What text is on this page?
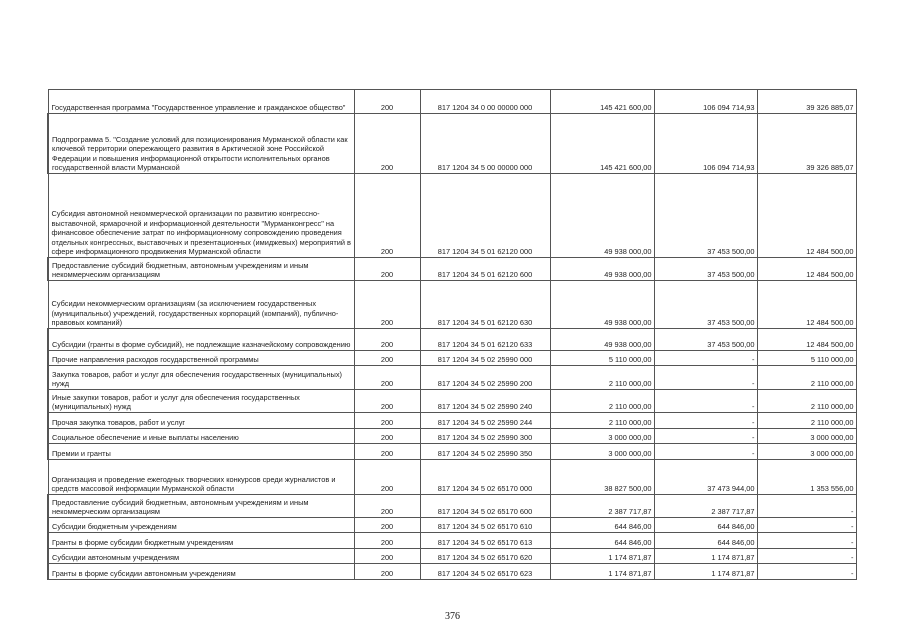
Государственная программа "Государственное управление и гражданское общество"	200	817 1204 34 0 00 00000 000	145 421 600,00	106 094 714,93	39 326 885,07
Подпрограмма 5. "Создание условий для позиционирования Мурманской области как ключевой территории опережающего развития в Арктической зоне Российской Федерации и повышения информационной открытости исполнительных органов государственной власти Мурманской	200	817 1204 34 5 00 00000 000	145 421 600,00	106 094 714,93	39 326 885,07
Субсидия автономной некоммерческой организации по развитию конгрессно-выставочной, ярмарочной и информационной деятельности "Мурманконгресс" на финансовое обеспечение затрат по информационному сопровождению проведения отдельных конгрессных, выставочных и презентационных (имиджевых) мероприятий в сфере информационного продвижения Мурманской области	200	817 1204 34 5 01 62120 000	49 938 000,00	37 453 500,00	12 484 500,00
Предоставление субсидий бюджетным, автономным учреждениям и иным некоммерческим организациям	200	817 1204 34 5 01 62120 600	49 938 000,00	37 453 500,00	12 484 500,00
Субсидии некоммерческим организациям (за исключением государственных (муниципальных) учреждений, государственных корпораций (компаний), публично-правовых компаний)	200	817 1204 34 5 01 62120 630	49 938 000,00	37 453 500,00	12 484 500,00
Субсидии (гранты в форме субсидий), не подлежащие казначейскому сопровождению	200	817 1204 34 5 01 62120 633	49 938 000,00	37 453 500,00	12 484 500,00
Прочие направления расходов государственной программы	200	817 1204 34 5 02 25990 000	5 110 000,00	-	5 110 000,00
Закупка товаров, работ и услуг для обеспечения государственных (муниципальных) нужд	200	817 1204 34 5 02 25990 200	2 110 000,00	-	2 110 000,00
Иные закупки товаров, работ и услуг для обеспечения государственных (муниципальных) нужд	200	817 1204 34 5 02 25990 240	2 110 000,00	-	2 110 000,00
Прочая закупка товаров, работ и услуг	200	817 1204 34 5 02 25990 244	2 110 000,00	-	2 110 000,00
Социальное обеспечение и иные выплаты населению	200	817 1204 34 5 02 25990 300	3 000 000,00	-	3 000 000,00
Премии и гранты	200	817 1204 34 5 02 25990 350	3 000 000,00	-	3 000 000,00
Организация и проведение ежегодных творческих конкурсов среди журналистов и средств массовой информации Мурманской области	200	817 1204 34 5 02 65170 000	38 827 500,00	37 473 944,00	1 353 556,00
Предоставление субсидий бюджетным, автономным учреждениям и иным некоммерческим организациям	200	817 1204 34 5 02 65170 600	2 387 717,87	2 387 717,87	-
Субсидии бюджетным учреждениям	200	817 1204 34 5 02 65170 610	644 846,00	644 846,00	-
Гранты в форме субсидии бюджетным учреждениям	200	817 1204 34 5 02 65170 613	644 846,00	644 846,00	-
Субсидии автономным учреждениям	200	817 1204 34 5 02 65170 620	1 174 871,87	1 174 871,87	-
Гранты в форме субсидии автономным учреждениям	200	817 1204 34 5 02 65170 623	1 174 871,87	1 174 871,87	-
376
